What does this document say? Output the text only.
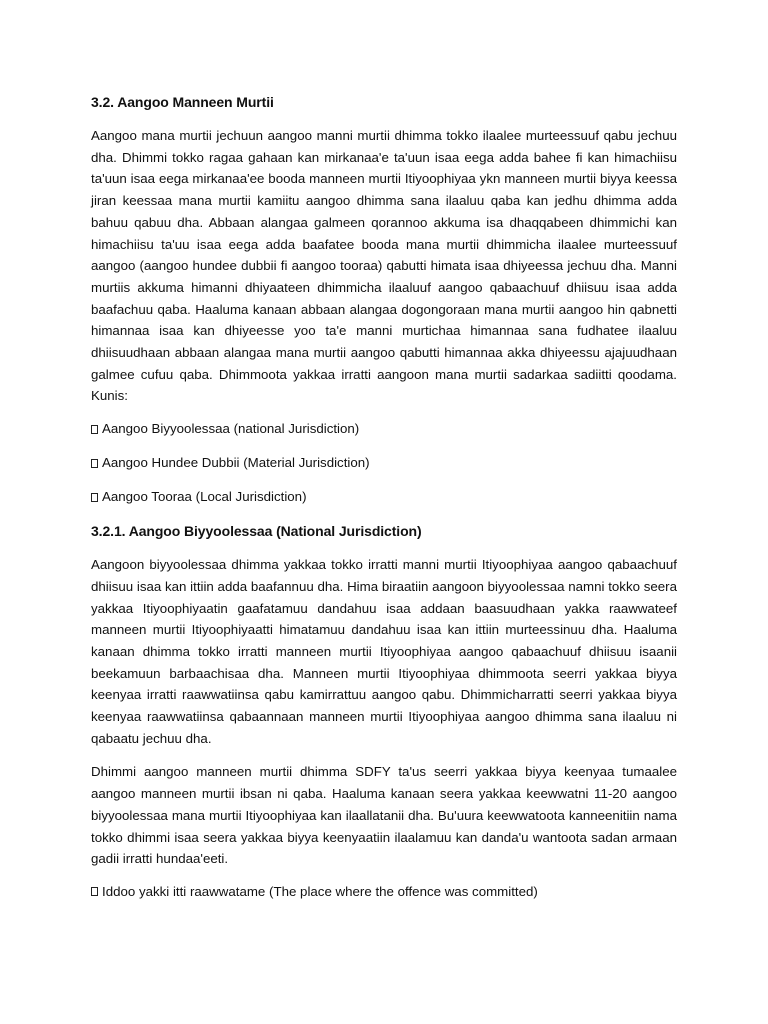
3.2. Aangoo Manneen Murtii

Aangoo mana murtii jechuun aangoo manni murtii dhimma tokko ilaalee murteessuuf qabu jechuu dha. Dhimmi tokko ragaa gahaan kan mirkanaa'e ta'uun isaa eega adda bahee fi kan himachiisu ta'uun isaa eega mirkanaa'ee booda manneen murtii Itiyoophiyaa ykn manneen murtii biyya keessa jiran keessaa mana murtii kamiitu aangoo dhimma sana ilaaluu qaba kan jedhu dhimma adda bahuu qabuu dha. Abbaan alangaa galmeen qorannoo akkuma isa dhaqqabeen dhimmichi kan himachiisu ta'uu isaa eega adda baafatee booda mana murtii dhimmicha ilaalee murteessuuf aangoo (aangoo hundee dubbii fi aangoo tooraa) qabutti himata isaa dhiyeessa jechuu dha. Manni murtiis akkuma himanni dhiyaateen dhimmicha ilaaluuf aangoo qabaachuuf dhiisuu isaa adda baafachuu qaba. Haaluma kanaan abbaan alangaa dogongoraan mana murtii aangoo hin qabnetti himannaa isaa kan dhiyeesse yoo ta'e manni murtichaa himannaa sana fudhatee ilaaluu dhiisuudhaan abbaan alangaa mana murtii aangoo qabutti himannaa akka dhiyeessu ajajuudhaan galmee cufuu qaba. Dhimmoota yakkaa irratti aangoon mana murtii sadarkaa sadiitti qoodama. Kunis:

Aangoo Biyyoolessaa (national Jurisdiction)
Aangoo Hundee Dubbii (Material Jurisdiction)
Aangoo Tooraa (Local Jurisdiction)
3.2.1. Aangoo Biyyoolessaa (National Jurisdiction)

Aangoon biyyoolessaa dhimma yakkaa tokko irratti manni murtii Itiyoophiyaa aangoo qabaachuuf dhiisuu isaa kan ittiin adda baafannuu dha. Hima biraatiin aangoon biyyoolessaa namni tokko seera yakkaa Itiyoophiyaatin gaafatamuu dandahuu isaa addaan baasuudhaan yakka raawwateef manneen murtii Itiyoophiyaatti himatamuu dandahuu isaa kan ittiin murteessinuu dha. Haaluma kanaan dhimma tokko irratti manneen murtii Itiyoophiyaa aangoo qabaachuuf dhiisuu isaanii beekamuun barbaachisaa dha. Manneen murtii Itiyoophiyaa dhimmoota seerri yakkaa biyya keenyaa irratti raawwatiinsa qabu kamirrattuu aangoo qabu. Dhimmicharratti seerri yakkaa biyya keenyaa raawwatiinsa qabaannaan manneen murtii Itiyoophiyaa aangoo dhimma sana ilaaluu ni qabaatu jechuu dha.

Dhimmi aangoo manneen murtii dhimma SDFY ta'us seerri yakkaa biyya keenyaa tumaalee aangoo manneen murtii ibsan ni qaba. Haaluma kanaan seera yakkaa keewwatni 11-20 aangoo biyyoolessaa mana murtii Itiyoophiyaa kan ilaallatanii dha. Bu'uura keewwatoota kanneenitiin nama tokko dhimmi isaa seera yakkaa biyya keenyaatiin ilaalamuu kan danda'u wantoota sadan armaan gadii irratti hundaa'eeti.

Iddoo yakki itti raawwatame (The place where the offence was committed)
